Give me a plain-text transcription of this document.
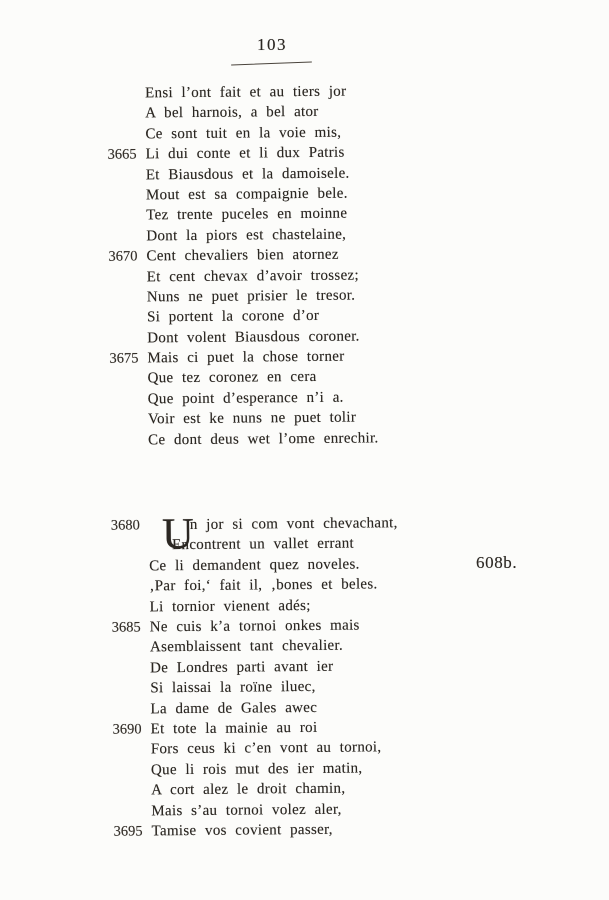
103
Ensi l’ont fait et au tiers jor
A bel harnois, a bel ator
Ce sont tuit en la voie mis,
3665 Li dui conte et li dux Patris
Et Biausdous et la damoisele.
Mout est sa compaignie bele.
Tez trente puceles en moinne
Dont la piors est chastelaine,
3670 Cent chevaliers bien atornez
Et cent chevax d’avoir trossez;
Nuns ne puet prisier le tresor.
Si portent la corone d’or
Dont volent Biausdous coroner.
3675 Mais ci puet la chose torner
Que tez coronez en cera
Que point d’esperance n’i a.
Voir est ke nuns ne puet tolir
Ce dont deus wet l’ome enrechir.
3680 U
n jor si com vont chevachant,
Encontrent un vallet errant
Ce li demandent quez noveles.
‚Par foi,‘ fait il, ‚bones et beles.
Li tornior vienent adés;
3685 Ne cuis k’a tornoi onkes mais
Asemblaissent tant chevalier.
De Londres parti avant ier
Si laissai la roïne iluec,
La dame de Gales awec
3690 Et tote la mainie au roi
Fors ceus ki c’en vont au tornoi,
Que li rois mut des ier matin,
A cort alez le droit chamin,
Mais s’au tornoi volez aler,
3695 Tamise vos covient passer,
608b.
